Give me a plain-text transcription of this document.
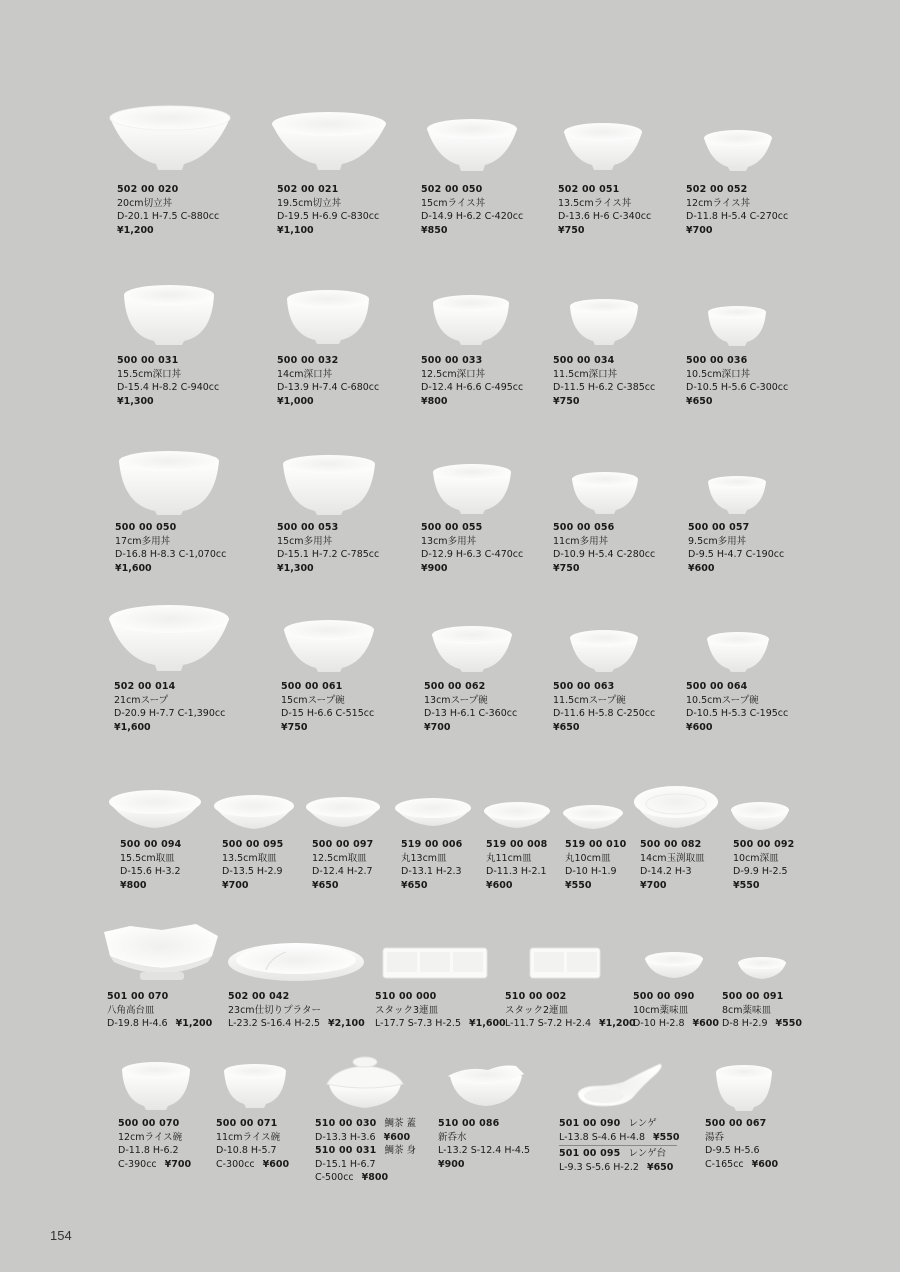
502 00 020
20cm切立丼
D-20.1 H-7.5 C-880cc
¥1,200
502 00 021
19.5cm切立丼
D-19.5 H-6.9 C-830cc
¥1,100
502 00 050
15cmライス丼
D-14.9 H-6.2 C-420cc
¥850
502 00 051
13.5cmライス丼
D-13.6 H-6 C-340cc
¥750
502 00 052
12cmライス丼
D-11.8 H-5.4 C-270cc
¥700
500 00 031
15.5cm深口丼
D-15.4 H-8.2 C-940cc
¥1,300
500 00 032
14cm深口丼
D-13.9 H-7.4 C-680cc
¥1,000
500 00 033
12.5cm深口丼
D-12.4 H-6.6 C-495cc
¥800
500 00 034
11.5cm深口丼
D-11.5 H-6.2 C-385cc
¥750
500 00 036
10.5cm深口丼
D-10.5 H-5.6 C-300cc
¥650
500 00 050
17cm多用丼
D-16.8 H-8.3 C-1,070cc
¥1,600
500 00 053
15cm多用丼
D-15.1 H-7.2 C-785cc
¥1,300
500 00 055
13cm多用丼
D-12.9 H-6.3 C-470cc
¥900
500 00 056
11cm多用丼
D-10.9 H-5.4 C-280cc
¥750
500 00 057
9.5cm多用丼
D-9.5 H-4.7 C-190cc
¥600
502 00 014
21cmスープ
D-20.9 H-7.7 C-1,390cc
¥1,600
500 00 061
15cmスープ碗
D-15 H-6.6 C-515cc
¥750
500 00 062
13cmスープ碗
D-13 H-6.1 C-360cc
¥700
500 00 063
11.5cmスープ碗
D-11.6 H-5.8 C-250cc
¥650
500 00 064
10.5cmスープ碗
D-10.5 H-5.3 C-195cc
¥600
500 00 094
15.5cm取皿
D-15.6 H-3.2
¥800
500 00 095
13.5cm取皿
D-13.5 H-2.9
¥700
500 00 097
12.5cm取皿
D-12.4 H-2.7
¥650
519 00 006
丸13cm皿
D-13.1 H-2.3
¥650
519 00 008
丸11cm皿
D-11.3 H-2.1
¥600
519 00 010
丸10cm皿
D-10 H-1.9
¥550
500 00 082
14cm玉渕取皿
D-14.2 H-3
¥700
500 00 092
10cm深皿
D-9.9 H-2.5
¥550
501 00 070
八角高台皿
D-19.8 H-4.6 ¥1,200
502 00 042
23cm仕切りプラター
L-23.2 S-16.4 H-2.5 ¥2,100
510 00 000
スタック3連皿
L-17.7 S-7.3 H-2.5 ¥1,600
510 00 002
スタック2連皿
L-11.7 S-7.2 H-2.4 ¥1,200
500 00 090
10cm薬味皿
D-10 H-2.8 ¥600
500 00 091
8cm薬味皿
D-8 H-2.9 ¥550
500 00 070
12cmライス碗
D-11.8 H-6.2
C-390cc ¥700
500 00 071
11cmライス碗
D-10.8 H-5.7
C-300cc ¥600
510 00 030 鯛茶 蓋
D-13.3 H-3.6 ¥600
510 00 031 鯛茶 身
D-15.1 H-6.7
C-500cc ¥800
510 00 086
新呑水
L-13.2 S-12.4 H-4.5
¥900
501 00 090 レンゲ
L-13.8 S-4.6 H-4.8 ¥550
501 00 095 レンゲ台
L-9.3 S-5.6 H-2.2 ¥650
500 00 067
湯呑
D-9.5 H-5.6
C-165cc ¥600
154
